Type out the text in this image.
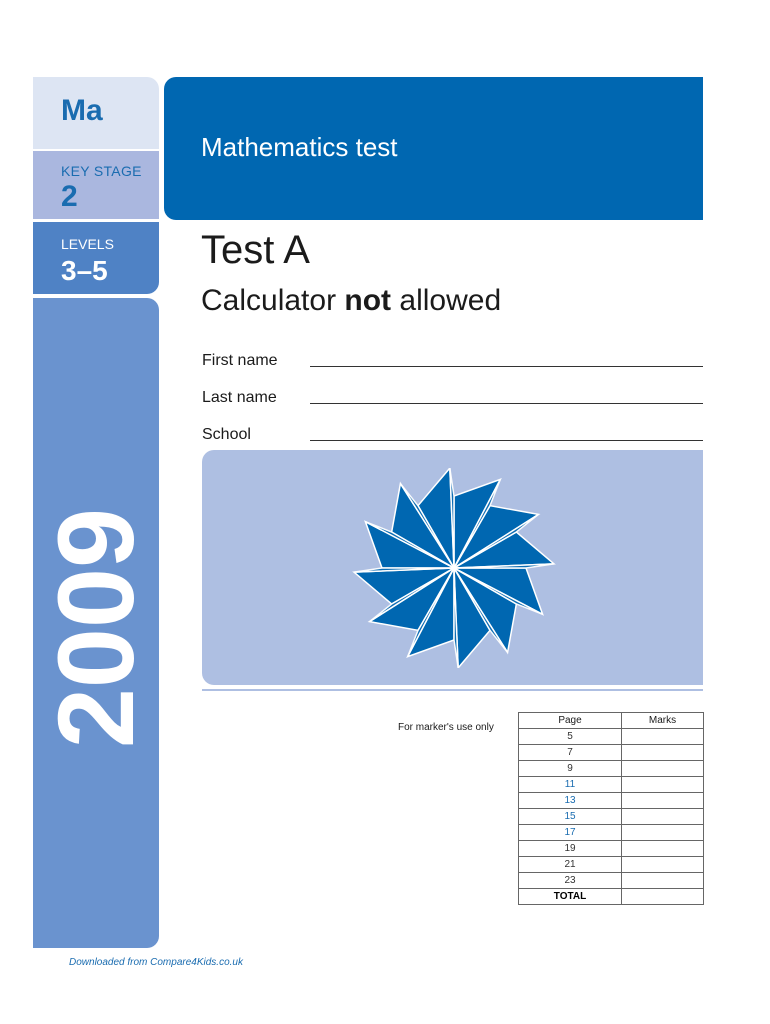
Ma
KEY STAGE
2
LEVELS
3–5
2009
Mathematics test
Test A
Calculator not allowed
First name
Last name
School
For marker's use only
Page	Marks
5	
7	
9	
11	
13	
15	
17	
19	
21	
23	
TOTAL	
Downloaded from Compare4Kids.co.uk
